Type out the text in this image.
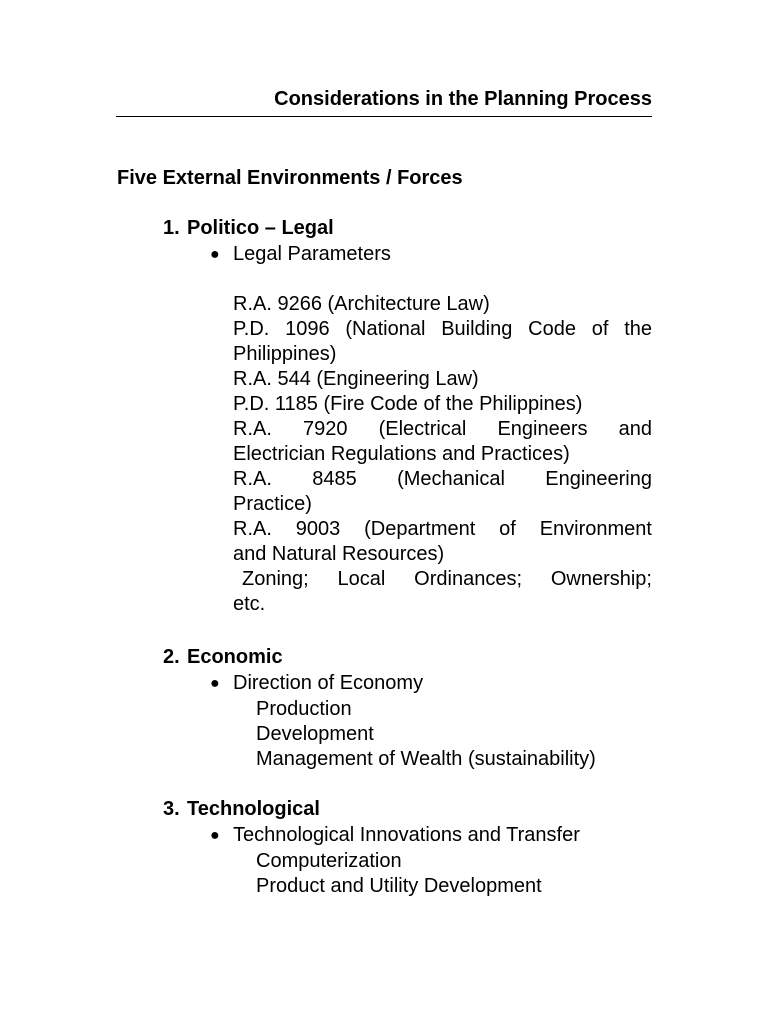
Considerations in the Planning Process
Five External Environments / Forces
1. Politico – Legal
● Legal Parameters
R.A. 9266 (Architecture Law)
P.D. 1096 (National Building Code of the
Philippines)
R.A. 544 (Engineering Law)
P.D. 1185 (Fire Code of the Philippines)
R.A. 7920 (Electrical Engineers and
Electrician Regulations and Practices)
R.A. 8485 (Mechanical Engineering
Practice)
R.A. 9003 (Department of Environment
and Natural Resources)
Zoning; Local Ordinances; Ownership;
etc.
2. Economic
● Direction of Economy
Production
Development
Management of Wealth (sustainability)
3. Technological
● Technological Innovations and Transfer
Computerization
Product and Utility Development
